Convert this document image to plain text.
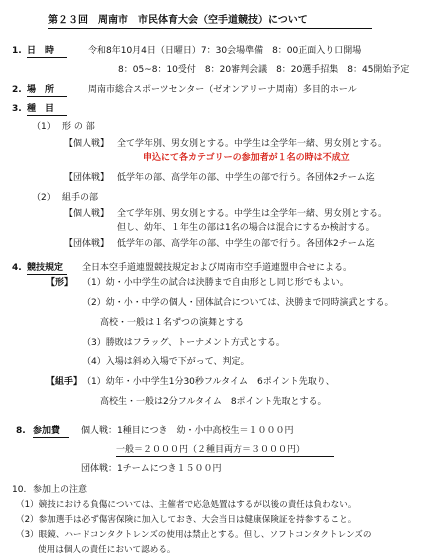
第２３回　周南市　市民体育大会（空手道競技）について
1. 日　時	令和8年10月4日（日曜日）7：30会場準備　8：00正面入り口開場
8：05~8：10受付　8：20審判会議　8：20選手招集　8：45開始予定
2. 場　所	周南市総合スポーツセンター（ゼオンアリーナ周南）多目的ホール
3. 種　目
（1） 形 の 部
【個人戦】 全て学年別、男女別とする。中学生は全学年一緒、男女別とする。
申込にて各カテゴリーの参加者が１名の時は不成立
【団体戦】 低学年の部、高学年の部、中学生の部で行う。各団体2チーム迄
（2） 組手の部
【個人戦】 全て学年別、男女別とする。中学生は全学年一緒、男女別とする。
但し、幼年、１年生の部は1名の場合は混合にするか検討する。
【団体戦】 低学年の部、高学年の部、中学生の部で行う。各団体2チーム迄
4. 競技規定 全日本空手道連盟競技規定および周南市空手道連盟申合せによる。
【形】 （1）幼・小中学生の試合は決勝まで自由形とし同じ形でもよい。
（2）幼・小・中学の個人・団体試合については、決勝まで同時演武とする。
高校・一般は１名ずつの演舞とする
（3）勝敗はフラッグ、トーナメント方式とする。
（4）入場は斜め入場で下がって、判定。
【組手】 （1）幼年・小中学生1分30秒フルタイム　6ポイント先取り、
高校生・一般は2分フルタイム　8ポイント先取とする。
8. 参加費 個人戦：1種目につき　幼・小中高校生＝１０００円
一般＝２０００円（２種目両方＝３０００円）
団体戦：1チームにつき１５００円
10. 参加上の注意
（1）競技における負傷については、主催者で応急処置はするが以後の責任は負わない。
（2）参加選手は必ず傷害保険に加入しておき、大会当日は健康保険証を持参すること。
（3）眼鏡、ハードコンタクトレンズの使用は禁止とする。但し、ソフトコンタクトレンズの
使用は個人の責任において認める。
